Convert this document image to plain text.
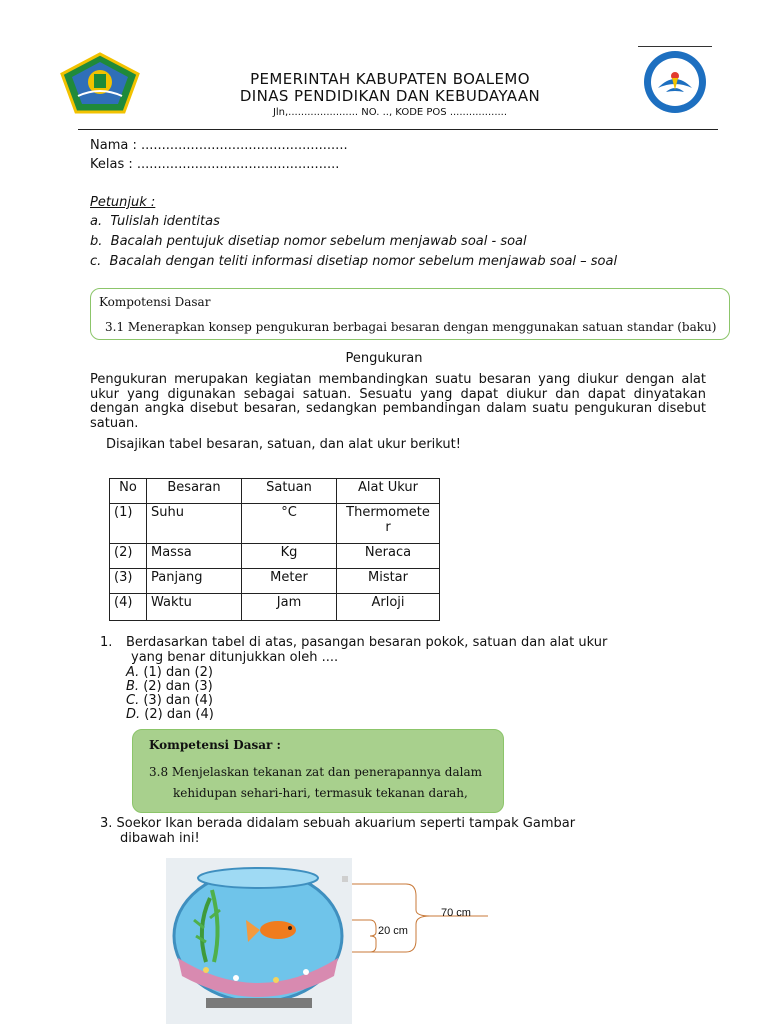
PEMERINTAH KABUPATEN BOALEMO
DINAS PENDIDIKAN DAN KEBUDAYAAN
Jln,...................... NO. .., KODE POS ..................
Nama : ..................................................
Kelas : .................................................
Petunjuk :
a. Tulislah identitas
b. Bacalah pentujuk disetiap nomor sebelum menjawab soal - soal
c. Bacalah dengan teliti informasi disetiap nomor sebelum menjawab soal – soal
Kompotensi Dasar
3.1 Menerapkan konsep pengukuran berbagai besaran dengan menggunakan satuan standar (baku)
Pengukuran
Pengukuran merupakan kegiatan membandingkan suatu besaran yang diukur dengan alat ukur yang digunakan sebagai satuan. Sesuatu yang dapat diukur dan dapat dinyatakan dengan angka disebut besaran, sedangkan pembandingan dalam suatu pengukuran disebut satuan.
Disajikan tabel besaran, satuan, dan alat ukur berikut!
No	Besaran	Satuan	Alat Ukur
(1)	Suhu	°C	Thermomete
r

(2)	Massa	Kg	Neraca
(3)	Panjang	Meter	Mistar
(4)	Waktu	Jam	Arloji
1. Berdasarkan tabel di atas, pasangan besaran pokok, satuan dan alat ukur
yang benar ditunjukkan oleh ....
A. (1) dan (2)
B. (2) dan (3)
C. (3) dan (4)
D. (2) dan (4)
Kompetensi Dasar :
3.8 Menjelaskan tekanan zat dan penerapannya dalam
kehidupan sehari-hari, termasuk tekanan darah,
3. Soekor Ikan berada didalam sebuah akuarium seperti tampak Gambar
dibawah ini!
70 cm
20 cm
